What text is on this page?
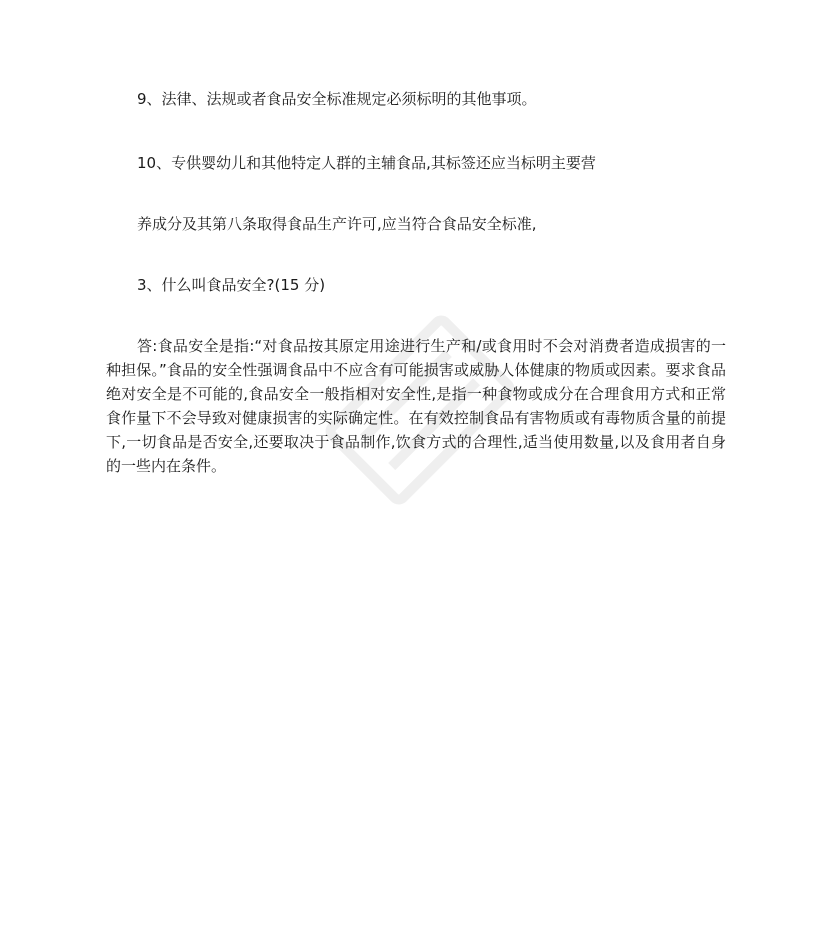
9、法律、法规或者食品安全标准规定必须标明的其他事项。

10、专供婴幼儿和其他特定人群的主辅食品,其标签还应当标明主要营

养成分及其第八条取得食品生产许可,应当符合食品安全标准,

3、什么叫食品安全?(15 分)

答:食品安全是指:“对食品按其原定用途进行生产和/或食用时不会对消费者造成损害的一种担保。”食品的安全性强调食品中不应含有可能损害或威胁人体健康的物质或因素。要求食品绝对安全是不可能的,食品安全一般指相对安全性,是指一种食物或成分在合理食用方式和正常食作量下不会导致对健康损害的实际确定性。在有效控制食品有害物质或有毒物质含量的前提下,一切食品是否安全,还要取决于食品制作,饮食方式的合理性,适当使用数量,以及食用者自身的一些内在条件。
